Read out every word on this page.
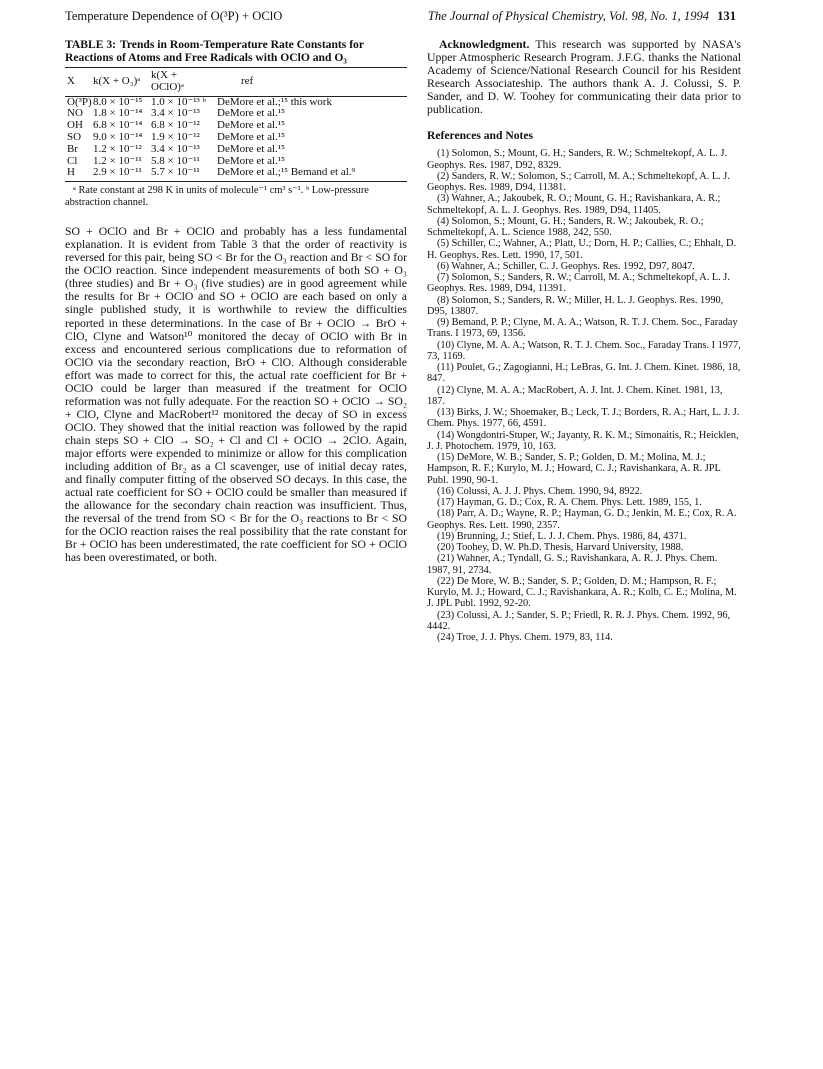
Temperature Dependence of O(³P) + OClO	The Journal of Physical Chemistry, Vol. 98, No. 1, 1994 131
TABLE 3: Trends in Room-Temperature Rate Constants for Reactions of Atoms and Free Radicals with OClO and O₃
X	k(X + O₃)ᵃ	k(X + OClO)ᵃ	ref
O(³P)	8.0 × 10⁻¹⁵	1.0 × 10⁻¹³ ᵇ	DeMore et al.;¹⁵ this work
NO	1.8 × 10⁻¹⁴	3.4 × 10⁻¹³	DeMore et al.¹⁵
OH	6.8 × 10⁻¹⁴	6.8 × 10⁻¹²	DeMore et al.¹⁵
SO	9.0 × 10⁻¹⁴	1.9 × 10⁻¹²	DeMore et al.¹⁵
Br	1.2 × 10⁻¹²	3.4 × 10⁻¹³	DeMore et al.¹⁵
Cl	1.2 × 10⁻¹¹	5.8 × 10⁻¹¹	DeMore et al.¹⁵
H	2.9 × 10⁻¹¹	5.7 × 10⁻¹¹	DeMore et al.;¹⁵ Bemand et al.⁹
ᵃ Rate constant at 298 K in units of molecule⁻¹ cm³ s⁻¹. ᵇ Low-pressure abstraction channel.
SO + OClO and Br + OClO and probably has a less fundamental explanation. It is evident from Table 3 that the order of reactivity is reversed for this pair, being SO < Br for the O₃ reaction and Br < SO for the OClO reaction. Since independent measurements of both SO + O₃ (three studies) and Br + O₃ (five studies) are in good agreement while the results for Br + OClO and SO + OClO are each based on only a single published study, it is worthwhile to review the difficulties reported in these determinations. In the case of Br + OClO → BrO + ClO, Clyne and Watson¹⁰ monitored the decay of OClO with Br in excess and encountered serious complications due to reformation of OClO via the secondary reaction, BrO + ClO. Although considerable effort was made to correct for this, the actual rate coefficient for Br + OClO could be larger than measured if the treatment for OClO reformation was not fully adequate. For the reaction SO + OClO → SO₂ + ClO, Clyne and MacRobert¹² monitored the decay of SO in excess OClO. They showed that the initial reaction was followed by the rapid chain steps SO + ClO → SO₂ + Cl and Cl + OClO → 2ClO. Again, major efforts were expended to minimize or allow for this complication including addition of Br₂ as a Cl scavenger, use of initial decay rates, and finally computer fitting of the observed SO decays. In this case, the actual rate coefficient for SO + OClO could be smaller than measured if the allowance for the secondary chain reaction was insufficient. Thus, the reversal of the trend from SO < Br for the O₃ reactions to Br < SO for the OClO reaction raises the real possibility that the rate constant for Br + OClO has been underestimated, the rate coefficient for SO + OClO has been overestimated, or both.

Acknowledgment. This research was supported by NASA's Upper Atmospheric Research Program. J.F.G. thanks the National Academy of Science/National Research Council for his Resident Research Associateship. The authors thank A. J. Colussi, S. P. Sander, and D. W. Toohey for communicating their data prior to publication.

References and Notes
(1) Solomon, S.; Mount, G. H.; Sanders, R. W.; Schmeltekopf, A. L. J. Geophys. Res. 1987, D92, 8329.
(2) Sanders, R. W.; Solomon, S.; Carroll, M. A.; Schmeltekopf, A. L. J. Geophys. Res. 1989, D94, 11381.
(3) Wahner, A.; Jakoubek, R. O.; Mount, G. H.; Ravishankara, A. R.; Schmeltekopf, A. L. J. Geophys. Res. 1989, D94, 11405.
(4) Solomon, S.; Mount, G. H.; Sanders, R. W.; Jakoubek, R. O.; Schmeltekopf, A. L. Science 1988, 242, 550.
(5) Schiller, C.; Wahner, A.; Platt, U.; Dorn, H. P.; Callies, C.; Ehhalt, D. H. Geophys. Res. Lett. 1990, 17, 501.
(6) Wahner, A.; Schiller, C. J. Geophys. Res. 1992, D97, 8047.
(7) Solomon, S.; Sanders, R. W.; Carroll, M. A.; Schmeltekopf, A. L. J. Geophys. Res. 1989, D94, 11391.
(8) Solomon, S.; Sanders, R. W.; Miller, H. L. J. Geophys. Res. 1990, D95, 13807.
(9) Bemand, P. P.; Clyne, M. A. A.; Watson, R. T. J. Chem. Soc., Faraday Trans. I 1973, 69, 1356.
(10) Clyne, M. A. A.; Watson, R. T. J. Chem. Soc., Faraday Trans. I 1977, 73, 1169.
(11) Poulet, G.; Zagogianni, H.; LeBras, G. Int. J. Chem. Kinet. 1986, 18, 847.
(12) Clyne, M. A. A.; MacRobert, A. J. Int. J. Chem. Kinet. 1981, 13, 187.
(13) Birks, J. W.; Shoemaker, B.; Leck, T. J.; Borders, R. A.; Hart, L. J. J. Chem. Phys. 1977, 66, 4591.
(14) Wongdontri-Stuper, W.; Jayanty, R. K. M.; Simonaitis, R.; Heicklen, J. J. Photochem. 1979, 10, 163.
(15) DeMore, W. B.; Sander, S. P.; Golden, D. M.; Molina, M. J.; Hampson, R. F.; Kurylo, M. J.; Howard, C. J.; Ravishankara, A. R. JPL Publ. 1990, 90-1.
(16) Colussi, A. J. J. Phys. Chem. 1990, 94, 8922.
(17) Hayman, G. D.; Cox, R. A. Chem. Phys. Lett. 1989, 155, 1.
(18) Parr, A. D.; Wayne, R. P.; Hayman, G. D.; Jenkin, M. E.; Cox, R. A. Geophys. Res. Lett. 1990, 2357.
(19) Brunning, J.; Stief, L. J. J. Chem. Phys. 1986, 84, 4371.
(20) Toohey, D. W. Ph.D. Thesis, Harvard University, 1988.
(21) Wahner, A.; Tyndall, G. S.; Ravishankara, A. R. J. Phys. Chem. 1987, 91, 2734.
(22) De More, W. B.; Sander, S. P.; Golden, D. M.; Hampson, R. F.; Kurylo, M. J.; Howard, C. J.; Ravishankara, A. R.; Kolb, C. E.; Molina, M. J. JPL Publ. 1992, 92-20.
(23) Colussi, A. J.; Sander, S. P.; Friedl, R. R. J. Phys. Chem. 1992, 96, 4442.
(24) Troe, J. J. Phys. Chem. 1979, 83, 114.
